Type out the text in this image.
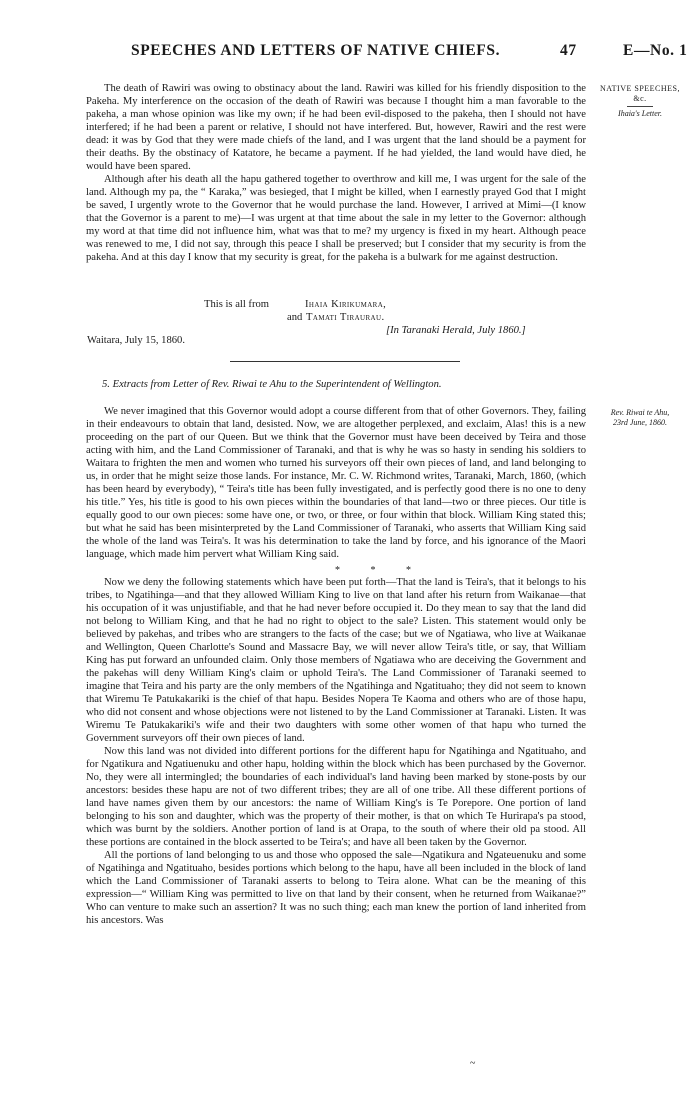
SPEECHES AND LETTERS OF NATIVE CHIEFS.	47	E—No. 1
NATIVE SPEECHES,
&c.
Ihaia's Letter.

The death of Rawiri was owing to obstinacy about the land. Rawiri was killed for his friendly disposition to the Pakeha. My interference on the occasion of the death of Rawiri was because I thought him a man favorable to the pakeha, a man whose opinion was like my own; if he had been evil-disposed to the pakeha, then I should not have interfered; if he had been a parent or relative, I should not have interfered. But, however, Rawiri and the rest were dead: it was by God that they were made chiefs of the land, and I was urgent that the land should be a payment for their deaths. By the obstinacy of Katatore, he became a payment. If he had yielded, the land would have died, he would have been spared.

Although after his death all the hapu gathered together to overthrow and kill me, I was urgent for the sale of the land. Although my pa, the “ Karaka,” was besieged, that I might be killed, when I earnestly prayed God that I might be saved, I urgently wrote to the Governor that he would purchase the land. However, I arrived at Mimi—(I know that the Governor is a parent to me)—I was urgent at that time about the sale in my letter to the Governor: although my word at that time did not influence him, what was that to me? my urgency is fixed in my heart. Although peace was renewed to me, I did not say, through this peace I shall be preserved; but I consider that my security is from the pakeha. And at this day I know that my security is great, for the pakeha is a bulwark for me against destruction.

This is all from	Ihaia Kirikumara,
and Tamati Tiraurau.
[In Taranaki Herald, July 1860.]
Waitara, July 15, 1860.
5. Extracts from Letter of Rev. Riwai te Ahu to the Superintendent of Wellington.
Rev. Riwai te Ahu,
23rd June, 1860.

We never imagined that this Governor would adopt a course different from that of other Governors. They, failing in their endeavours to obtain that land, desisted. Now, we are altogether perplexed, and exclaim, Alas! this is a new proceeding on the part of our Queen. But we think that the Governor must have been deceived by Teira and those acting with him, and the Land Commissioner of Taranaki, and that is why he was so hasty in sending his soldiers to Waitara to frighten the men and women who turned his surveyors off their own pieces of land, and land belonging to us, in order that he might seize those lands. For instance, Mr. C. W. Richmond writes, Taranaki, March, 1860, (which has been heard by everybody), “ Teira's title has been fully investigated, and is perfectly good there is no one to deny his title.” Yes, his title is good to his own pieces within the boundaries of that land—two or three pieces. Our title is equally good to our own pieces: some have one, or two, or three, or four within that block. William King stated this; but what he said has been misinterpreted by the Land Commissioner of Taranaki, who asserts that William King said the whole of the land was Teira's. It was his determination to take the land by force, and his ignorance of the Maori language, which made him pervert what William King said.

* * *

Now we deny the following statements which have been put forth—That the land is Teira's, that it belongs to his tribes, to Ngatihinga—and that they allowed William King to live on that land after his return from Waikanae—that his occupation of it was unjustifiable, and that he had never before occupied it. Do they mean to say that the land did not belong to William King, and that he had no right to object to the sale? Listen. This statement would only be believed by pakehas, and tribes who are strangers to the facts of the case; but we of Ngatiawa, who live at Waikanae and Wellington, Queen Charlotte's Sound and Massacre Bay, we will never allow Teira's title, or say, that William King has put forward an unfounded claim. Only those members of Ngatiawa who are deceiving the Government and the pakehas will deny William King's claim or uphold Teira's. The Land Commissioner of Taranaki seemed to imagine that Teira and his party are the only members of the Ngatihinga and Ngatituaho; they did not seem to known that Wiremu Te Patukakariki is the chief of that hapu. Besides Nopera Te Kaoma and others who are of those hapu, who did not consent and whose objections were not listened to by the Land Commissioner at Taranaki. Listen. It was Wiremu Te Patukakariki's wife and their two daughters with some other women of that hapu who turned the Government surveyors off their own pieces of land.

Now this land was not divided into different portions for the different hapu for Ngatihinga and Ngatituaho, and for Ngatikura and Ngatiuenuku and other hapu, holding within the block which has been purchased by the Governor. No, they were all intermingled; the boundaries of each individual's land having been marked by stone-posts by our ancestors: besides these hapu are not of two different tribes; they are all of one tribe. All these different portions of land have names given them by our ancestors: the name of William King's is Te Porepore. One portion of land belonging to his son and daughter, which was the property of their mother, is that on which Te Hurirapa's pa stood, which was burnt by the soldiers. Another portion of land is at Orapa, to the south of where their old pa stood. All these portions are contained in the block asserted to be Teira's; and have all been taken by the Governor.

All the portions of land belonging to us and those who opposed the sale—Ngatikura and Ngateuenuku and some of Ngatihinga and Ngatituaho, besides portions which belong to the hapu, have all been included in the block of land which the Land Commissioner of Taranaki asserts to belong to Teira alone. What can be the meaning of this expression—“ William King was permitted to live on that land by their consent, when he returned from Waikanae?” Who can venture to make such an assertion? It was no such thing; each man knew the portion of land inherited from his ancestors. Was

~
